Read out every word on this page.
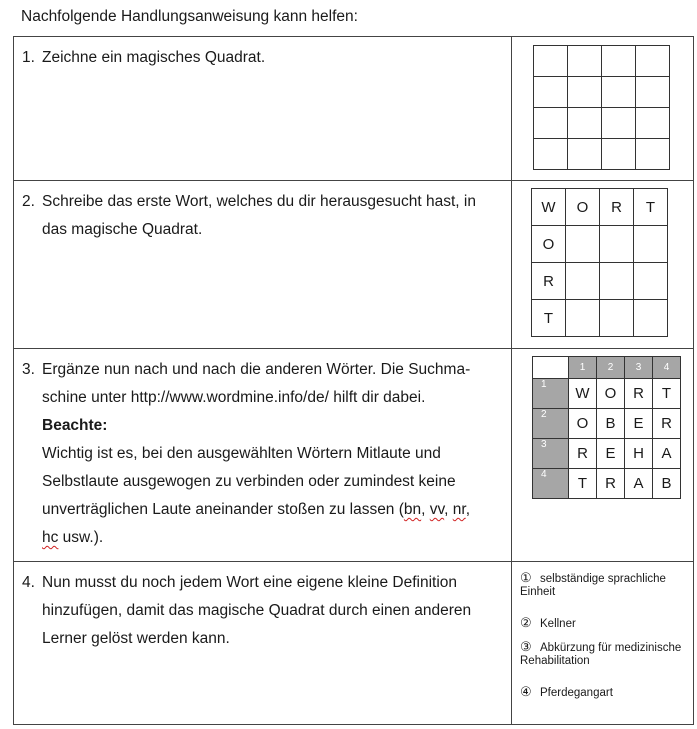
Nachfolgende Handlungsanweisung kann helfen:
1. Zeichne ein magisches Quadrat.

2. Schreibe das erste Wort, welches du dir herausgesucht hast, in

das magische Quadrat.

W	O	R	T
O			
R			
T			

3. Ergänze nun nach und nach die anderen Wörter. Die Suchma-

schine unter http://www.wordmine.info/de/ hilft dir dabei.

Beachte:

Wichtig ist es, bei den ausgewählten Wörtern Mitlaute und

Selbstlaute ausgewogen zu verbinden oder zumindest keine

unverträglichen Laute aneinander stoßen zu lassen (bn, vv, nr,

hc usw.).

	1	2	3	4
1	W	O	R	T
2	O	B	E	R
3	R	E	H	A
4	T	R	A	B

4. Nun musst du noch jedem Wort eine eigene kleine Definition

hinzufügen, damit das magische Quadrat durch einen anderen

Lerner gelöst werden kann.

① selbständige sprachliche Einheit
② Kellner
③ Abkürzung für medizinische Rehabilitation
④ Pferdegangart
